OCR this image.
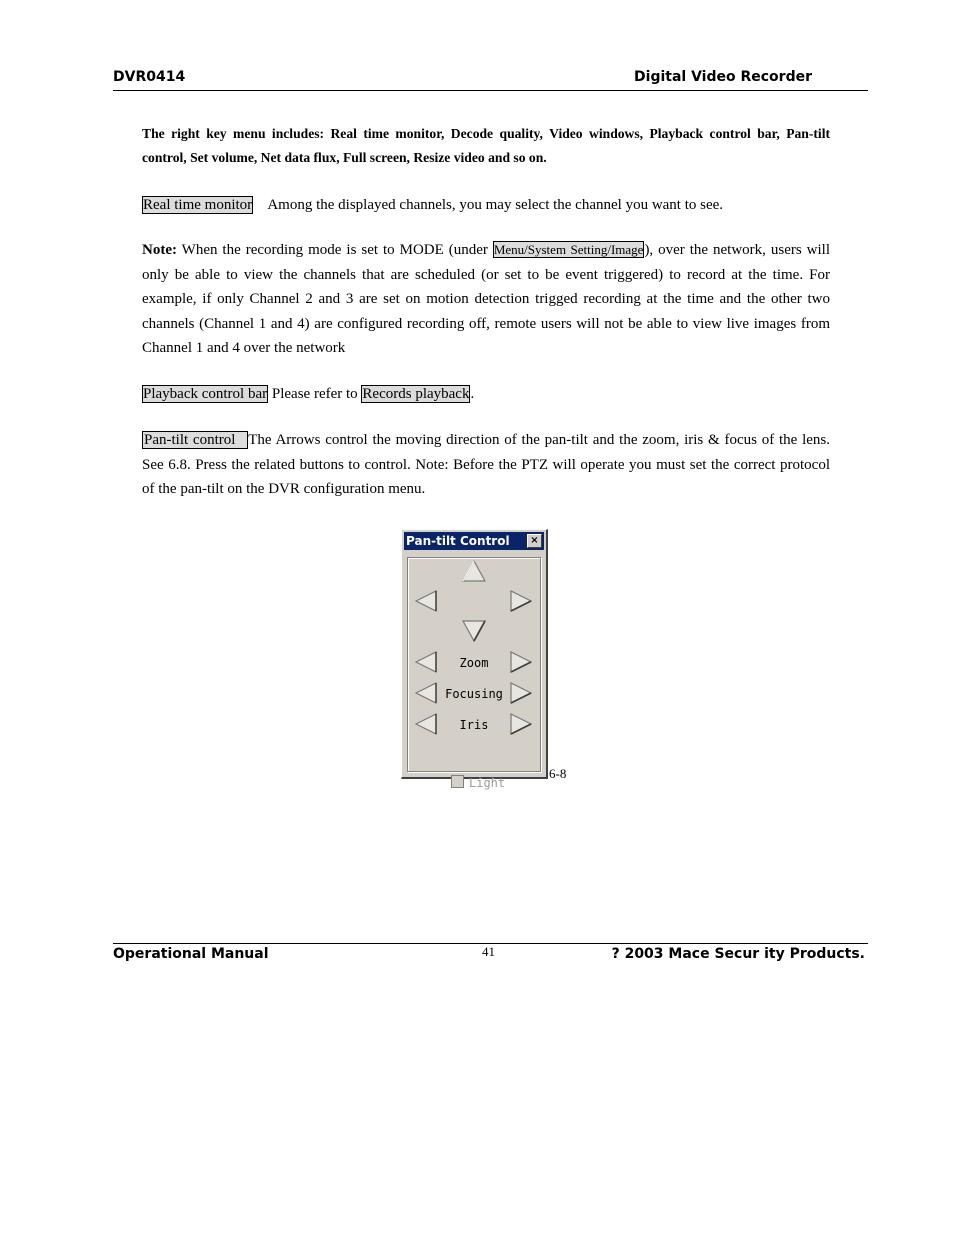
DVR0414	Digital Video Recorder
The right key menu includes: Real time monitor, Decode quality, Video windows, Playback control bar, Pan-tilt control, Set volume, Net data flux, Full screen, Resize video and so on.
Real time monitor Among the displayed channels, you may select the channel you want to see.
Note: When the recording mode is set to MODE (under Menu/System Setting/Image), over the network, users will only be able to view the channels that are scheduled (or set to be event triggered) to record at the time. For example, if only Channel 2 and 3 are set on motion detection trigged recording at the time and the other two channels (Channel 1 and 4) are configured recording off, remote users will not be able to view live images from Channel 1 and 4 over the network
Playback control bar Please refer to Records playback.
Pan-tilt control The Arrows control the moving direction of the pan-tilt and the zoom, iris & focus of the lens. See 6.8. Press the related buttons to control. Note: Before the PTZ will operate you must set the correct protocol of the pan-tilt on the DVR configuration menu.
Pan-tilt Control	×
Zoom
Focusing
Iris
Light
6-8
Operational Manual	41	? 2003 Mace Secur ity Products.
